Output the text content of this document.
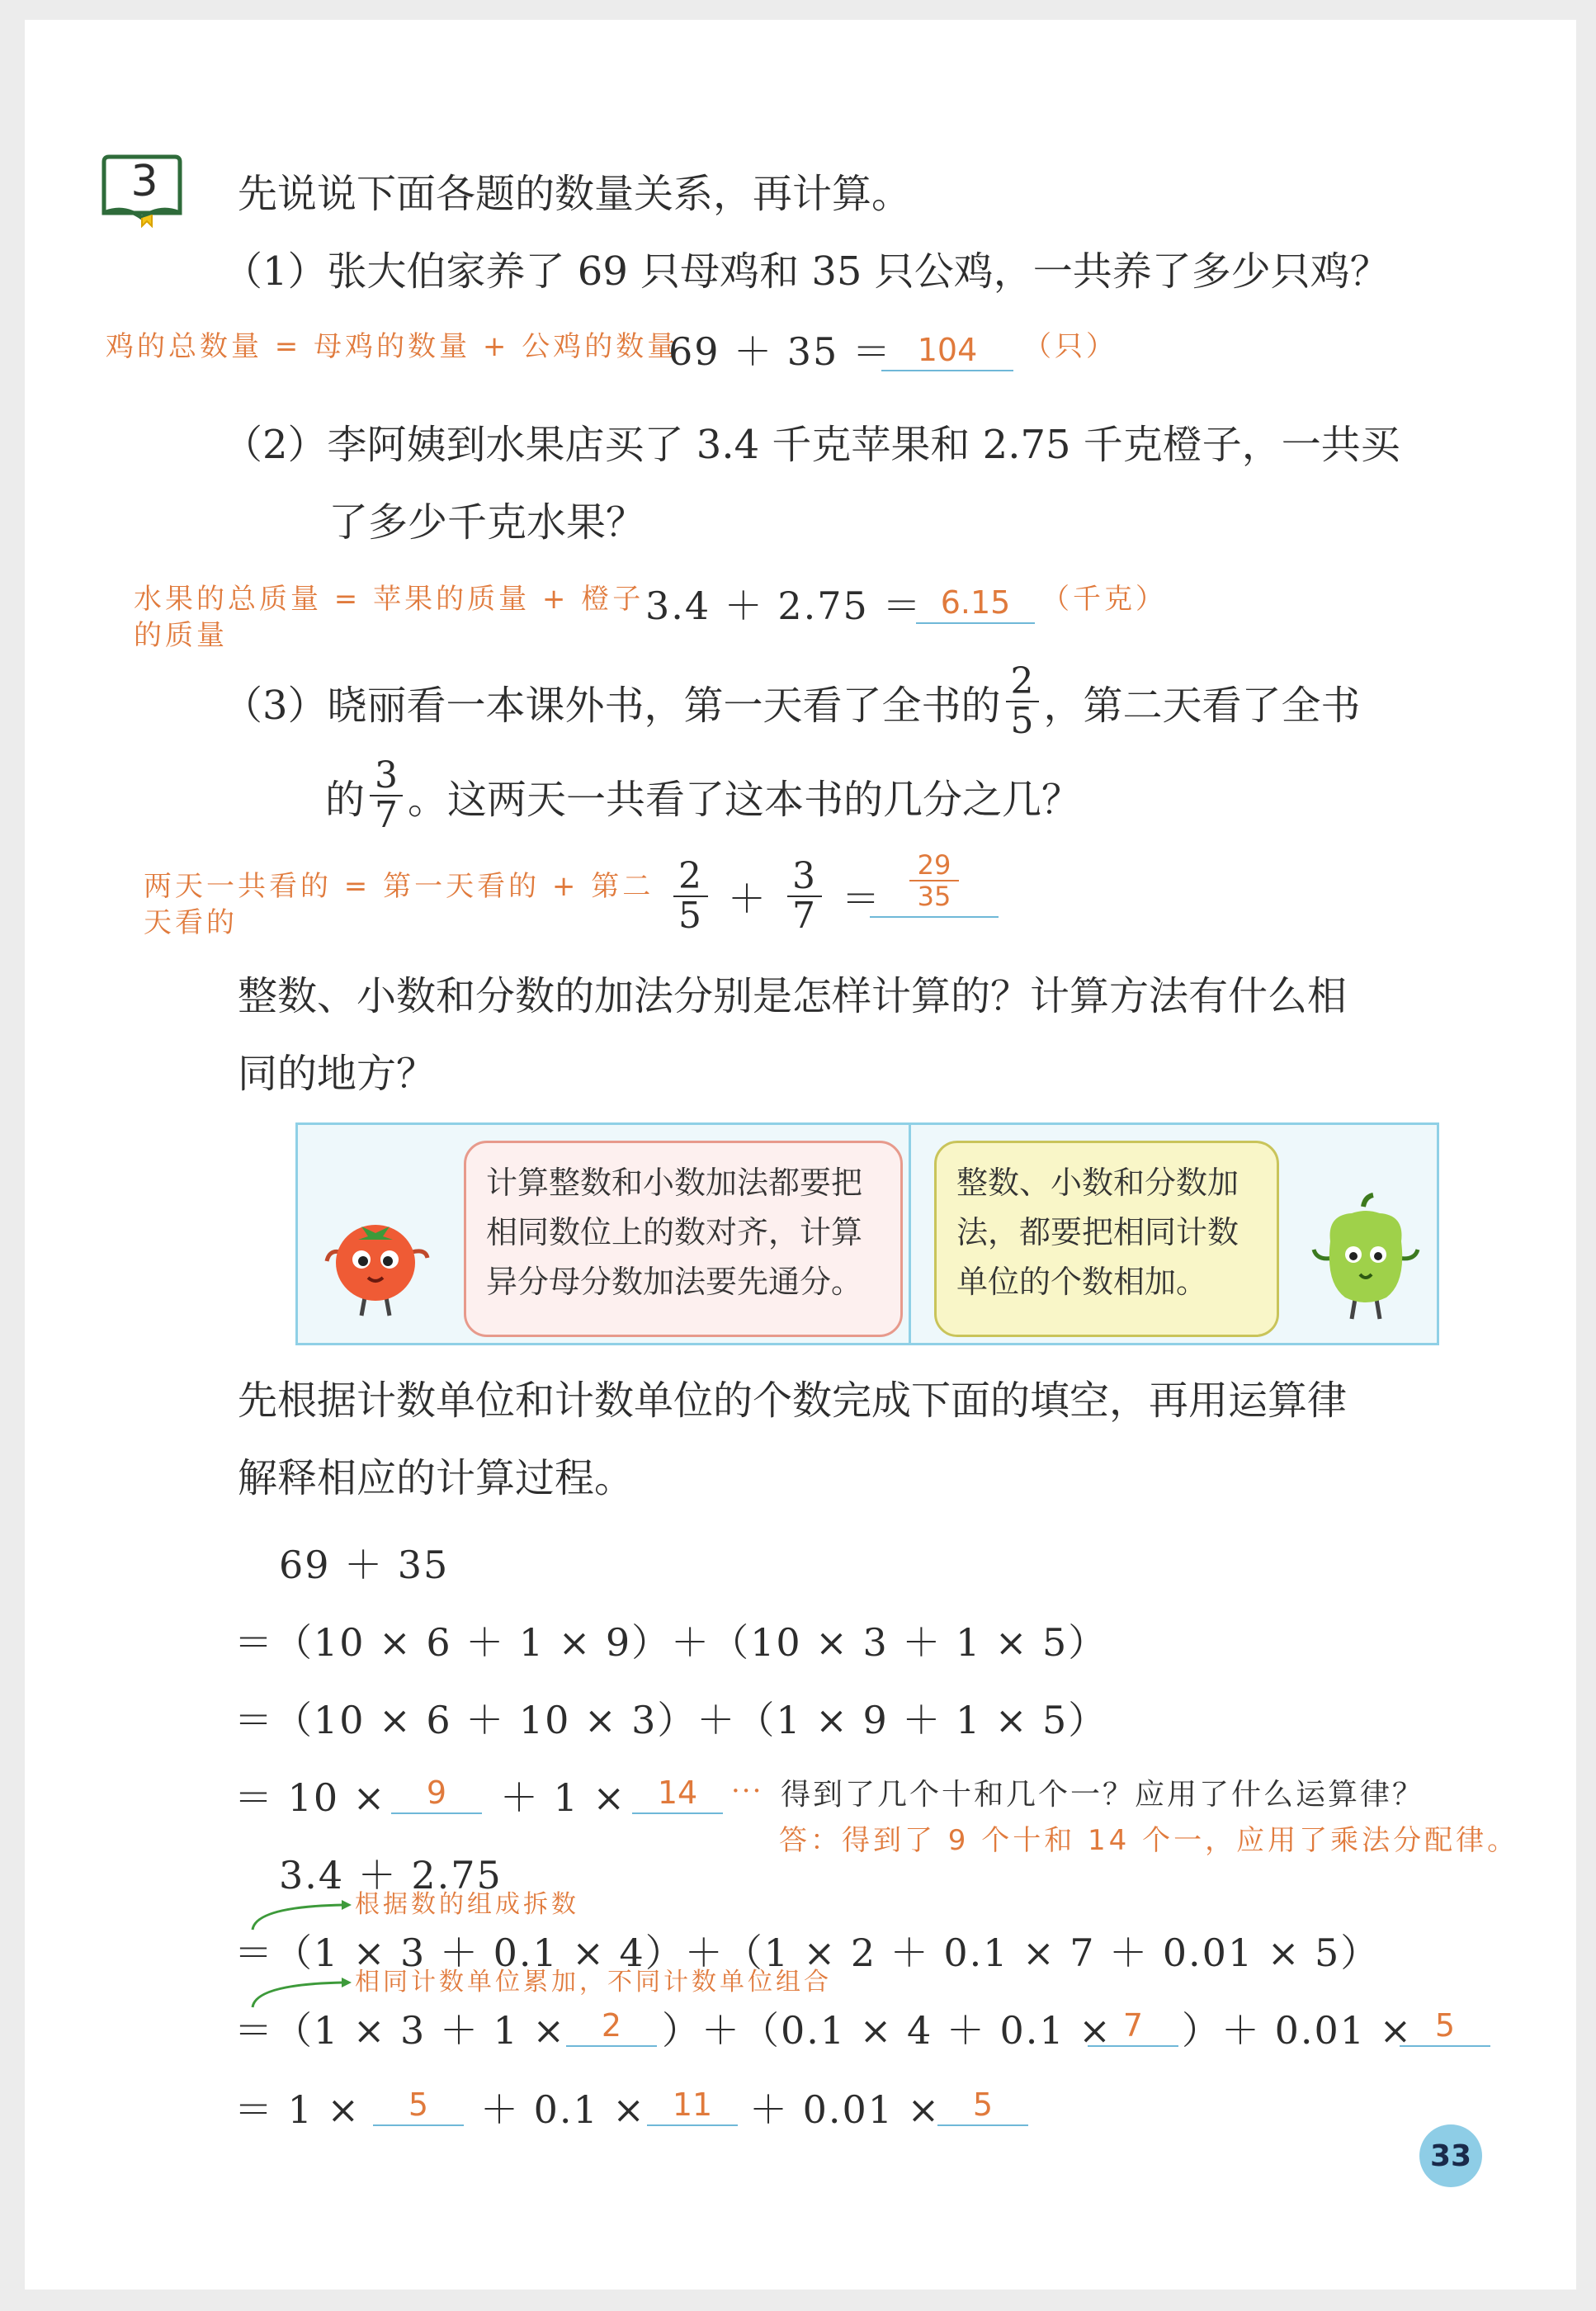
3	先说说下面各题的数量关系，再计算。
（1）张大伯家养了 69 只母鸡和 35 只公鸡，一共养了多少只鸡？
鸡的总数量 = 母鸡的数量 + 公鸡的数量
69 ＋ 35 ＝ 104	（只）
（2）李阿姨到水果店买了 3.4 千克苹果和 2.75 千克橙子，一共买
了多少千克水果？
水果的总质量 = 苹果的质量 + 橙子
的质量
3.4 ＋ 2.75 ＝ 6.15	（千克）
（3）晓丽看一本课外书，第一天看了全书的 $\frac{2}{5}$ ，第二天看了全书
的 $\frac{3}{7}$ 。这两天一共看了这本书的几分之几？
两天一共看的 = 第一天看的 + 第二
天看的	$\frac{2}{5} + \frac{3}{7}$ ＝
29
35
整数、小数和分数的加法分别是怎样计算的？计算方法有什么相
同的地方？
计算整数和小数加法都要把相同数位上的数对齐，计算异分母分数加法要先通分。
整数、小数和分数加法，都要把相同计数单位的个数相加。
先根据计数单位和计数单位的个数完成下面的填空，再用运算律
解释相应的计算过程。
69 ＋ 35
＝（10 × 6 ＋ 1 × 9）＋（10 × 3 ＋ 1 × 5）
＝（10 × 6 ＋ 10 × 3）＋（1 × 9 ＋ 1 × 5）
＝ 10 ×	9	＋ 1 × 14	··· 得到了几个十和几个一？应用了什么运算律？
答：得到了 9 个十和 14 个一，应用了乘法分配律。
3.4 ＋ 2.75
根据数的组成拆数
＝（1 × 3 ＋ 0.1 × 4）＋（1 × 2 ＋ 0.1 × 7 ＋ 0.01 × 5）
相同计数单位累加，不同计数单位组合
＝（1 × 3 ＋ 1 ×	2	）＋（0.1 × 4 ＋ 0.1 × 7	）＋ 0.01 × 5
＝ 1 ×	5	＋ 0.1 × 11 ＋ 0.01 ×	5
33
